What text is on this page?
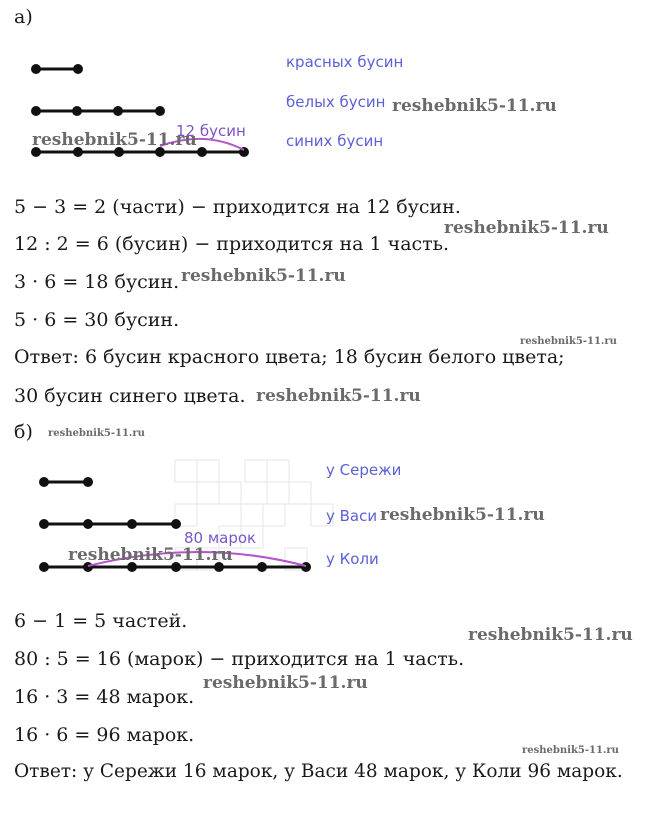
а)
красных бусин
белых бусин
синих бусин
12 бусин
5 − 3 = 2 (части) − приходится на 12 бусин.
12 : 2 = 6 (бусин) − приходится на 1 часть.
3 · 6 = 18 бусин.
5 · 6 = 30 бусин.
Ответ: 6 бусин красного цвета; 18 бусин белого цвета;
30 бусин синего цвета.
б)
у Сережи
у Васи
у Коли
80 марок
6 − 1 = 5 частей.
80 : 5 = 16 (марок) − приходится на 1 часть.
16 · 3 = 48 марок.
16 · 6 = 96 марок.
Ответ: у Сережи 16 марок, у Васи 48 марок, у Коли 96 марок.
reshebnik5-11.ru
reshebnik5-11.ru
reshebnik5-11.ru
reshebnik5-11.ru
reshebnik5-11.ru
reshebnik5-11.ru
reshebnik5-11.ru
reshebnik5-11.ru
reshebnik5-11.ru
reshebnik5-11.ru
reshebnik5-11.ru
reshebnik5-11.ru
